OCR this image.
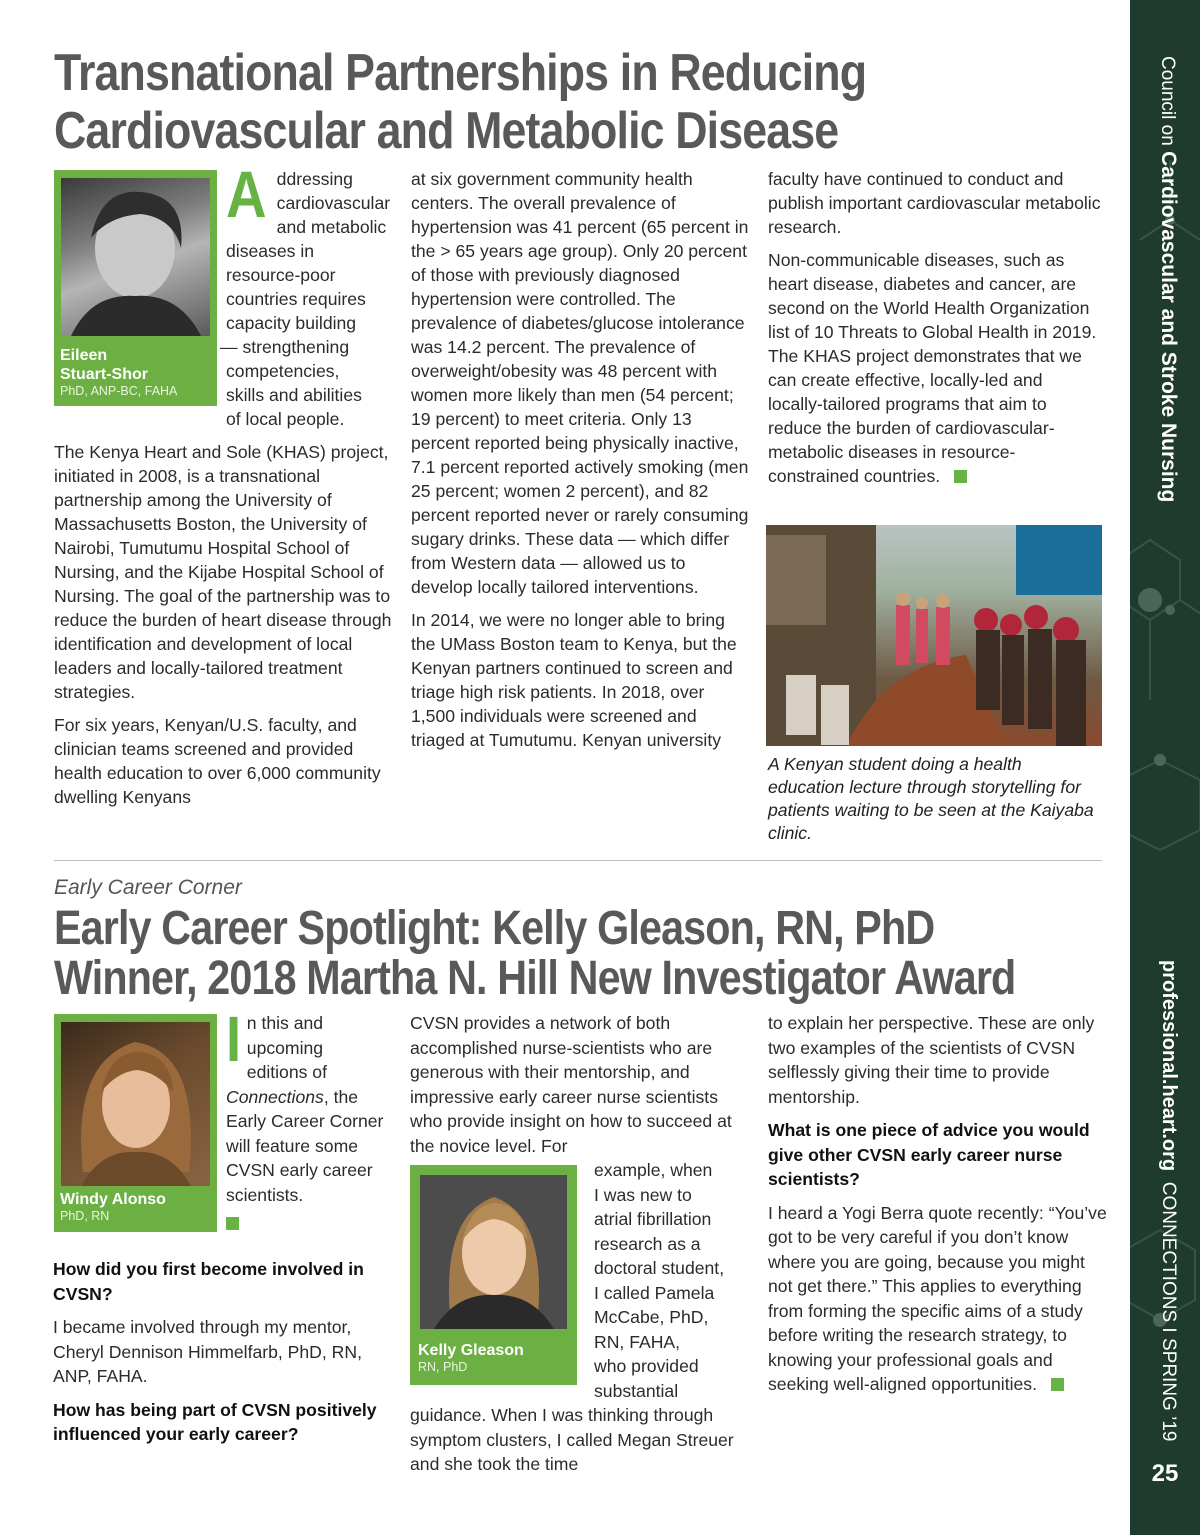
Transnational Partnerships in Reducing
Cardiovascular and Metabolic Disease
Eileen
Stuart-Shor
PhD, ANP-BC, FAHA
A ddressing
cardiovascular
and metabolic
diseases in
resource-poor
countries requires
capacity building
— strengthening
competencies,
skills and abilities
of local people.

The Kenya Heart and Sole (KHAS) project, initiated in 2008, is a transnational partnership among the University of Massachusetts Boston, the University of Nairobi, Tumutumu Hospital School of Nursing, and the Kijabe Hospital School of Nursing. The goal of the partnership was to reduce the burden of heart disease through identification and development of local leaders and locally-tailored treatment strategies.

For six years, Kenyan/U.S. faculty, and clinician teams screened and provided health education to over 6,000 community dwelling Kenyans

at six government community health centers. The overall prevalence of hypertension was 41 percent (65 percent in the > 65 years age group). Only 20 percent of those with previously diagnosed hypertension were controlled. The prevalence of diabetes/glucose intolerance was 14.2 percent. The prevalence of overweight/obesity was 48 percent with women more likely than men (54 percent; 19 percent) to meet criteria. Only 13 percent reported being physically inactive, 7.1 percent reported actively smoking (men 25 percent; women 2 percent), and 82 percent reported never or rarely consuming sugary drinks. These data — which differ from Western data — allowed us to develop locally tailored interventions.

In 2014, we were no longer able to bring the UMass Boston team to Kenya, but the Kenyan partners continued to screen and triage high risk patients. In 2018, over 1,500 individuals were screened and triaged at Tumutumu. Kenyan university

faculty have continued to conduct and publish important cardiovascular metabolic research.

Non-communicable diseases, such as heart disease, diabetes and cancer, are second on the World Health Organization list of 10 Threats to Global Health in 2019. The KHAS project demonstrates that we can create effective, locally-led and locally-tailored programs that aim to reduce the burden of cardiovascular-metabolic diseases in resource-constrained countries.

A Kenyan student doing a health education lecture through storytelling for patients waiting to be seen at the Kaiyaba clinic.
Early Career Corner
Early Career Spotlight: Kelly Gleason, RN, PhD
Winner, 2018 Martha N. Hill New Investigator Award
Windy Alonso
PhD, RN
I n this and
upcoming
editions of
Connections, the Early Career Corner will feature some CVSN early career scientists.

How did you first become involved in CVSN?

I became involved through my mentor, Cheryl Dennison Himmelfarb, PhD, RN, ANP, FAHA.

How has being part of CVSN positively influenced your early career?

CVSN provides a network of both accomplished nurse-scientists who are generous with their mentorship, and impressive early career nurse scientists who provide insight on how to succeed at the novice level. For
Kelly Gleason
RN, PhD
example, when
I was new to
atrial fibrillation
research as a
doctoral student,
I called Pamela
McCabe, PhD,
RN, FAHA,
who provided
substantial
guidance. When I was thinking through symptom clusters, I called Megan Streuer and she took the time

to explain her perspective. These are only two examples of the scientists of CVSN selflessly giving their time to provide mentorship.

What is one piece of advice you would give other CVSN early career nurse scientists?

I heard a Yogi Berra quote recently: “You’ve got to be very careful if you don’t know where you are going, because you might not get there.” This applies to everything from forming the specific aims of a study before writing the research strategy, to knowing your professional goals and seeking well-aligned opportunities.

Council on Cardiovascular and Stroke Nursing
professional.heart.org  CONNECTIONS I SPRING ’19
25
